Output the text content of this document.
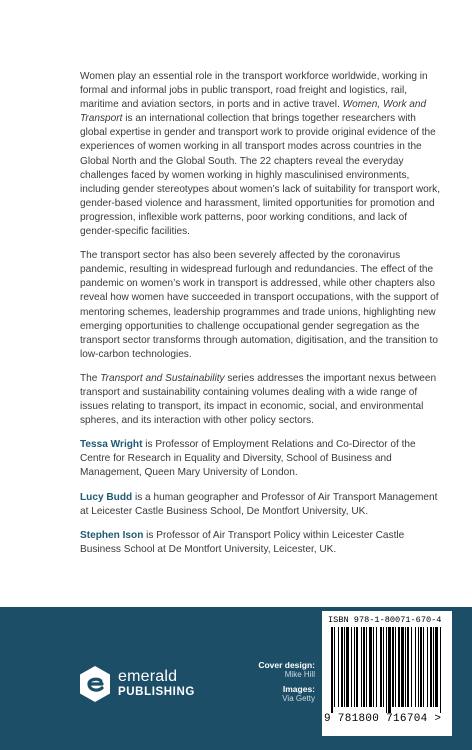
Women play an essential role in the transport workforce worldwide, working in formal and informal jobs in public transport, road freight and logistics, rail, maritime and aviation sectors, in ports and in active travel. Women, Work and Transport is an international collection that brings together researchers with global expertise in gender and transport work to provide original evidence of the experiences of women working in all transport modes across countries in the Global North and the Global South. The 22 chapters reveal the everyday challenges faced by women working in highly masculinised environments, including gender stereotypes about women’s lack of suitability for transport work, gender-based violence and harassment, limited opportunities for promotion and progression, inflexible work patterns, poor working conditions, and lack of gender-specific facilities.

The transport sector has also been severely affected by the coronavirus pandemic, resulting in widespread furlough and redundancies. The effect of the pandemic on women’s work in transport is addressed, while other chapters also reveal how women have succeeded in transport occupations, with the support of mentoring schemes, leadership programmes and trade unions, highlighting new emerging opportunities to challenge occupational gender segregation as the transport sector transforms through automation, digitisation, and the transition to low-carbon technologies.

The Transport and Sustainability series addresses the important nexus between transport and sustainability containing volumes dealing with a wide range of issues relating to transport, its impact in economic, social, and environmental spheres, and its interaction with other policy sectors.

Tessa Wright is Professor of Employment Relations and Co-Director of the Centre for Research in Equality and Diversity, School of Business and Management, Queen Mary University of London.

Lucy Budd is a human geographer and Professor of Air Transport Management at Leicester Castle Business School, De Montfort University, UK.

Stephen Ison is Professor of Air Transport Policy within Leicester Castle Business School at De Montfort University, Leicester, UK.

emerald
PUBLISHING
Cover design:
Mike Hill
Images:
Via Getty
ISBN 978-1-80071-670-4
9 781800 716704 >
